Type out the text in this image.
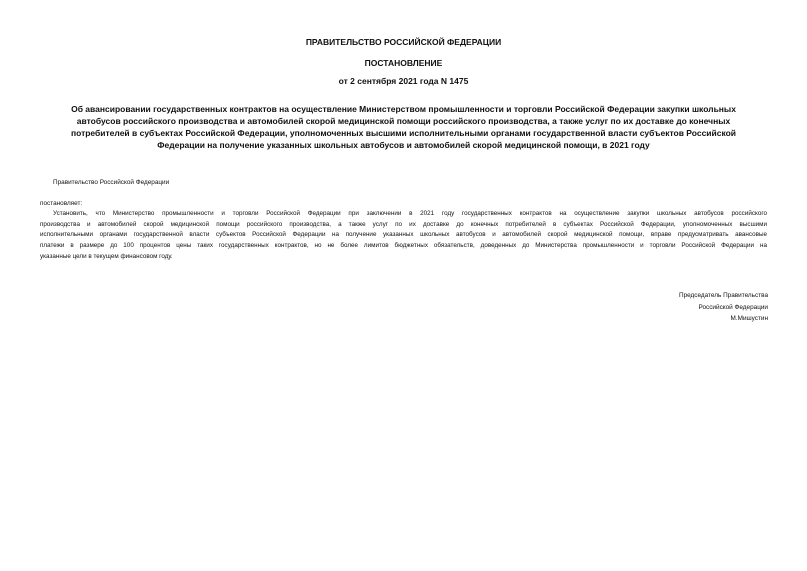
ПРАВИТЕЛЬСТВО РОССИЙСКОЙ ФЕДЕРАЦИИ
ПОСТАНОВЛЕНИЕ
от 2 сентября 2021 года N 1475
Об авансировании государственных контрактов на осуществление Министерством промышленности и торговли Российской Федерации закупки школьных
автобусов российского производства и автомобилей скорой медицинской помощи российского производства, а также услуг по их доставке до конечных
потребителей в субъектах Российской Федерации, уполномоченных высшими исполнительными органами государственной власти субъектов Российской
Федерации на получение указанных школьных автобусов и автомобилей скорой медицинской помощи, в 2021 году
Правительство Российской Федерации
постановляет:
Установить, что Министерство промышленности и торговли Российской Федерации при заключении в 2021 году государственных контрактов на осуществление закупки школьных автобусов российского
производства и автомобилей скорой медицинской помощи российского производства, а также услуг по их доставке до конечных потребителей в субъектах Российской Федерации, уполномоченных высшими
исполнительными органами государственной власти субъектов Российской Федерации на получение указанных школьных автобусов и автомобилей скорой медицинской помощи, вправе предусматривать авансовые
платежи в размере до 100 процентов цены таких государственных контрактов, но не более лимитов бюджетных обязательств, доведенных до Министерства промышленности и торговли Российской Федерации на
указанные цели в текущем финансовом году.
Председатель Правительства
Российской Федерации
М.Мишустин
